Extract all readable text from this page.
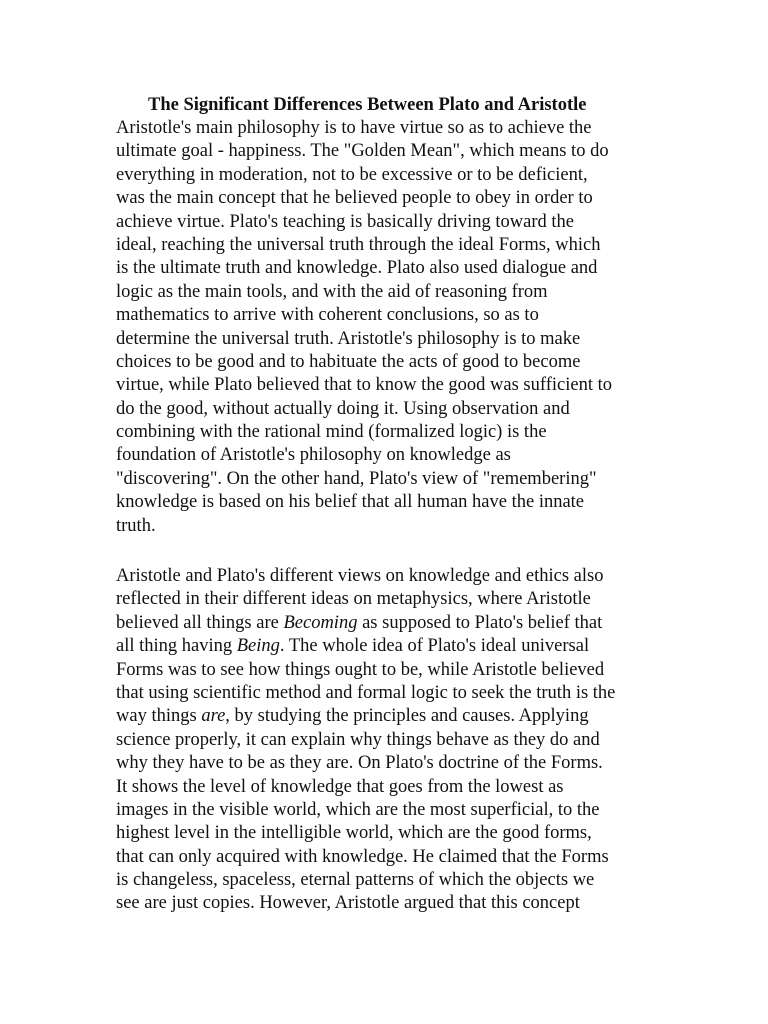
The Significant Differences Between Plato and Aristotle
Aristotle's main philosophy is to have virtue so as to achieve the
ultimate goal - happiness. The "Golden Mean", which means to do
everything in moderation, not to be excessive or to be deficient,
was the main concept that he believed people to obey in order to
achieve virtue. Plato's teaching is basically driving toward the
ideal, reaching the universal truth through the ideal Forms, which
is the ultimate truth and knowledge. Plato also used dialogue and
logic as the main tools, and with the aid of reasoning from
mathematics to arrive with coherent conclusions, so as to
determine the universal truth. Aristotle's philosophy is to make
choices to be good and to habituate the acts of good to become
virtue, while Plato believed that to know the good was sufficient to
do the good, without actually doing it. Using observation and
combining with the rational mind (formalized logic) is the
foundation of Aristotle's philosophy on knowledge as
"discovering". On the other hand, Plato's view of "remembering"
knowledge is based on his belief that all human have the innate
truth.
Aristotle and Plato's different views on knowledge and ethics also
reflected in their different ideas on metaphysics, where Aristotle
believed all things are Becoming as supposed to Plato's belief that
all thing having Being. The whole idea of Plato's ideal universal
Forms was to see how things ought to be, while Aristotle believed
that using scientific method and formal logic to seek the truth is the
way things are, by studying the principles and causes. Applying
science properly, it can explain why things behave as they do and
why they have to be as they are. On Plato's doctrine of the Forms.
It shows the level of knowledge that goes from the lowest as
images in the visible world, which are the most superficial, to the
highest level in the intelligible world, which are the good forms,
that can only acquired with knowledge. He claimed that the Forms
is changeless, spaceless, eternal patterns of which the objects we
see are just copies. However, Aristotle argued that this concept
